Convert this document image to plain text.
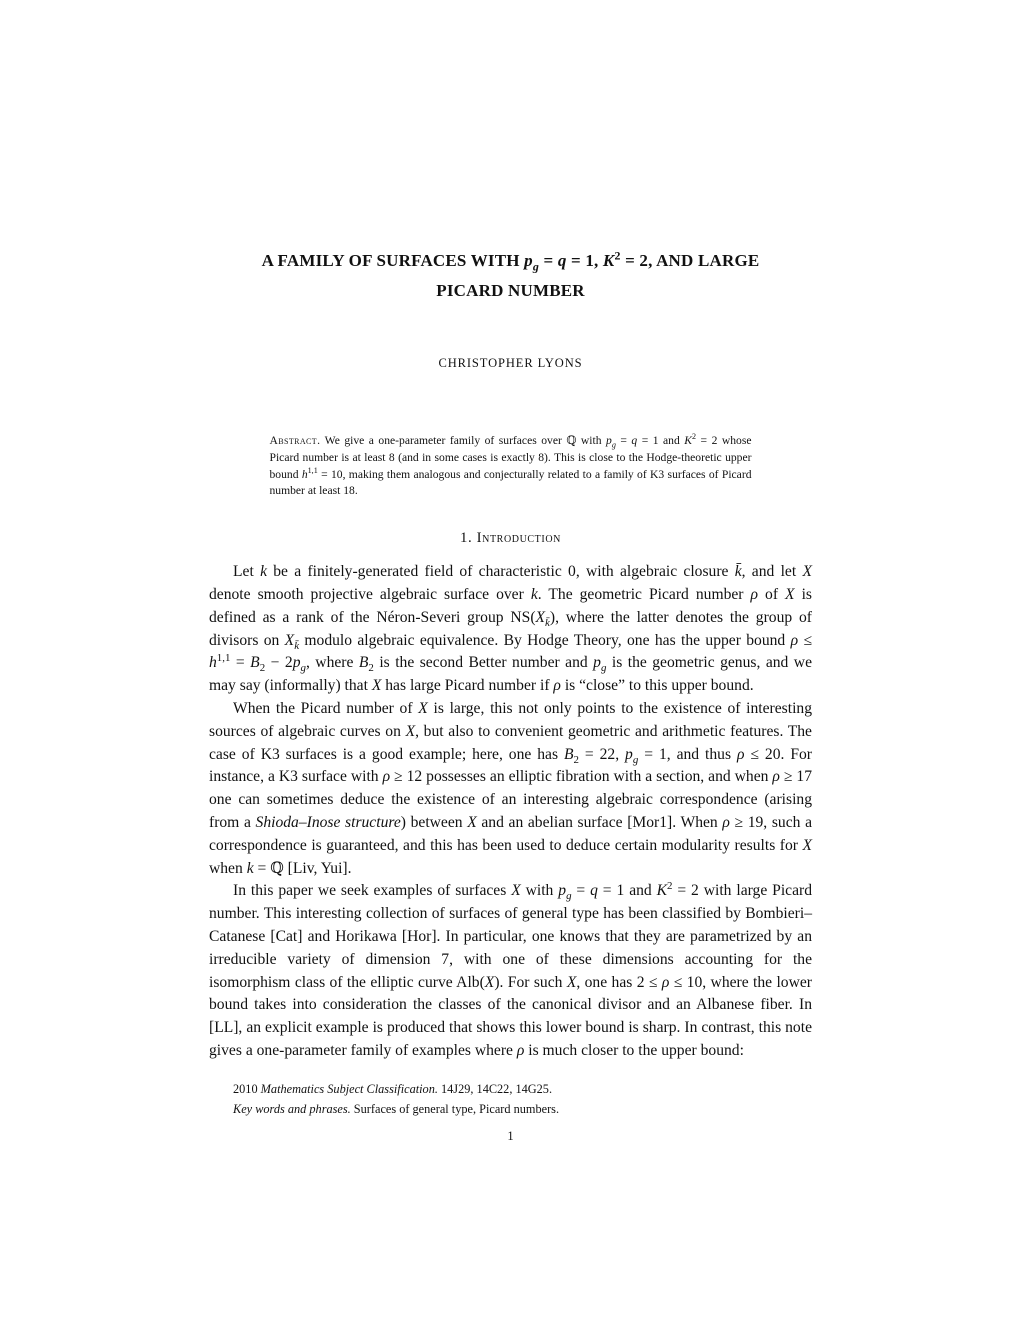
A FAMILY OF SURFACES WITH $p_g = q = 1$, $K^2 = 2$, AND LARGE
PICARD NUMBER
CHRISTOPHER LYONS

Abstract. We give a one-parameter family of surfaces over ℚ with $p_g = q = 1$ and $K^2 = 2$ whose Picard number is at least 8 (and in some cases is exactly 8). This is close to the Hodge-theoretic upper bound $h^{1,1} = 10$, making them analogous and conjecturally related to a family of K3 surfaces of Picard number at least 18.

1. Introduction

Let k be a finitely-generated field of characteristic 0, with algebraic closure k̄, and let X denote smooth projective algebraic surface over k. The geometric Picard number ρ of X is defined as a rank of the Néron-Severi group $NS(X_{k̄})$, where the latter denotes the group of divisors on $X_{k̄}$ modulo algebraic equivalence. By Hodge Theory, one has the upper bound $\rho \le h^{1,1} = B_2 - 2p_g$, where $B_2$ is the second Better number and $p_g$ is the geometric genus, and we may say (informally) that X has large Picard number if ρ is “close” to this upper bound.

When the Picard number of X is large, this not only points to the existence of interesting sources of algebraic curves on X, but also to convenient geometric and arithmetic features. The case of K3 surfaces is a good example; here, one has $B_2 = 22$, $p_g = 1$, and thus ρ ≤ 20. For instance, a K3 surface with ρ ≥ 12 possesses an elliptic fibration with a section, and when ρ ≥ 17 one can sometimes deduce the existence of an interesting algebraic correspondence (arising from a Shioda–Inose structure) between X and an abelian surface [Mor1]. When ρ ≥ 19, such a correspondence is guaranteed, and this has been used to deduce certain modularity results for X when k = ℚ [Liv, Yui].

In this paper we seek examples of surfaces X with $p_g = q = 1$ and $K^2 = 2$ with large Picard number. This interesting collection of surfaces of general type has been classified by Bombieri–Catanese [Cat] and Horikawa [Hor]. In particular, one knows that they are parametrized by an irreducible variety of dimension 7, with one of these dimensions accounting for the isomorphism class of the elliptic curve Alb(X). For such X, one has 2 ≤ ρ ≤ 10, where the lower bound takes into consideration the classes of the canonical divisor and an Albanese fiber. In [LL], an explicit example is produced that shows this lower bound is sharp. In contrast, this note gives a one-parameter family of examples where ρ is much closer to the upper bound:

2010 Mathematics Subject Classification. 14J29, 14C22, 14G25.

Key words and phrases. Surfaces of general type, Picard numbers.

1
